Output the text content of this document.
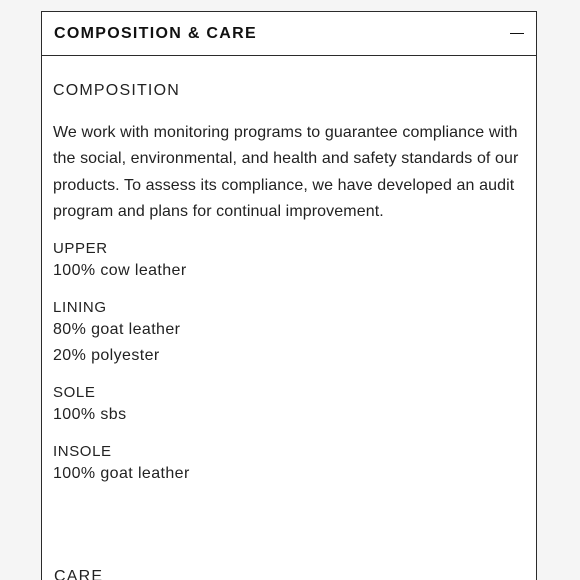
COMPOSITION & CARE
COMPOSITION
We work with monitoring programs to guarantee compliance with the social, environmental, and health and safety standards of our products. To assess its compliance, we have developed an audit program and plans for continual improvement.
UPPER
100% cow leather
LINING
80% goat leather
20% polyester
SOLE
100% sbs
INSOLE
100% goat leather
CARE
